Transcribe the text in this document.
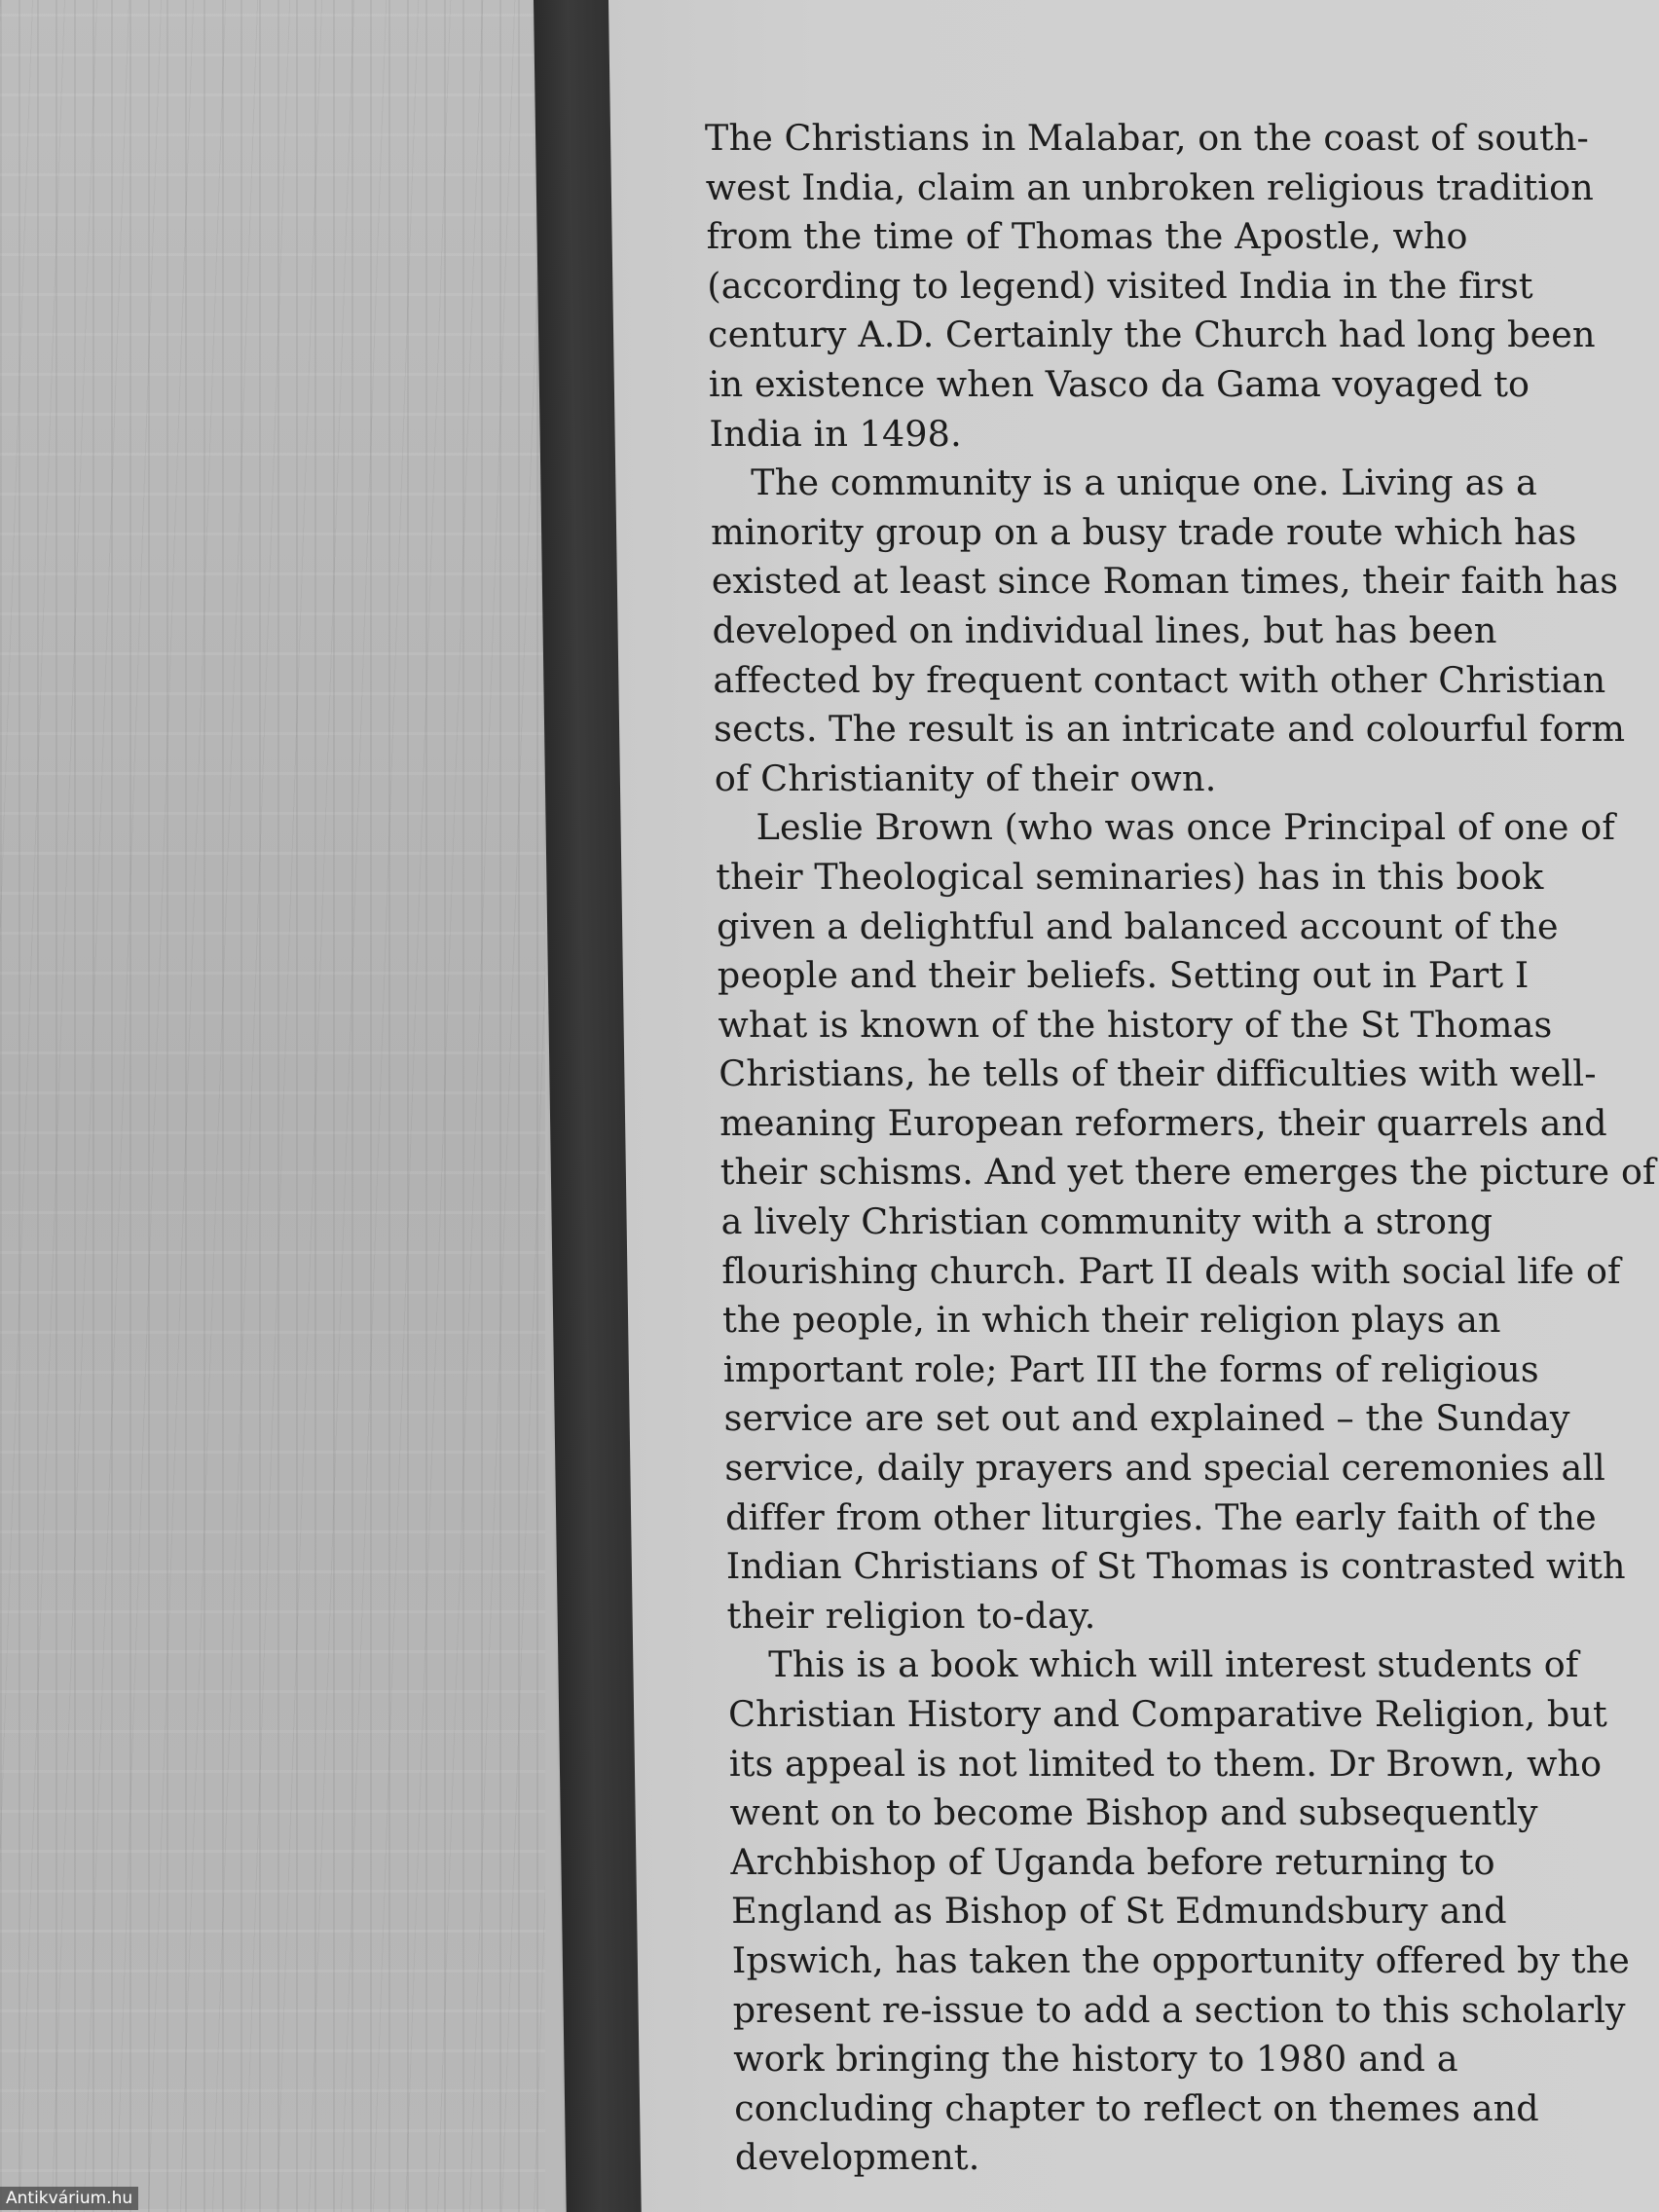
The Christians in Malabar, on the coast of south-
west India, claim an unbroken religious tradition
from the time of Thomas the Apostle, who
(according to legend) visited India in the first
century A.D. Certainly the Church had long been
in existence when Vasco da Gama voyaged to
India in 1498.
The community is a unique one. Living as a
minority group on a busy trade route which has
existed at least since Roman times, their faith has
developed on individual lines, but has been
affected by frequent contact with other Christian
sects. The result is an intricate and colourful form
of Christianity of their own.
Leslie Brown (who was once Principal of one of
their Theological seminaries) has in this book
given a delightful and balanced account of the
people and their beliefs. Setting out in Part I
what is known of the history of the St Thomas
Christians, he tells of their difficulties with well-
meaning European reformers, their quarrels and
their schisms. And yet there emerges the picture of
a lively Christian community with a strong
flourishing church. Part II deals with social life of
the people, in which their religion plays an
important role; Part III the forms of religious
service are set out and explained – the Sunday
service, daily prayers and special ceremonies all
differ from other liturgies. The early faith of the
Indian Christians of St Thomas is contrasted with
their religion to-day.
This is a book which will interest students of
Christian History and Comparative Religion, but
its appeal is not limited to them. Dr Brown, who
went on to become Bishop and subsequently
Archbishop of Uganda before returning to
England as Bishop of St Edmundsbury and
Ipswich, has taken the opportunity offered by the
present re-issue to add a section to this scholarly
work bringing the history to 1980 and a
concluding chapter to reflect on themes and
development.
Antikvárium.hu
